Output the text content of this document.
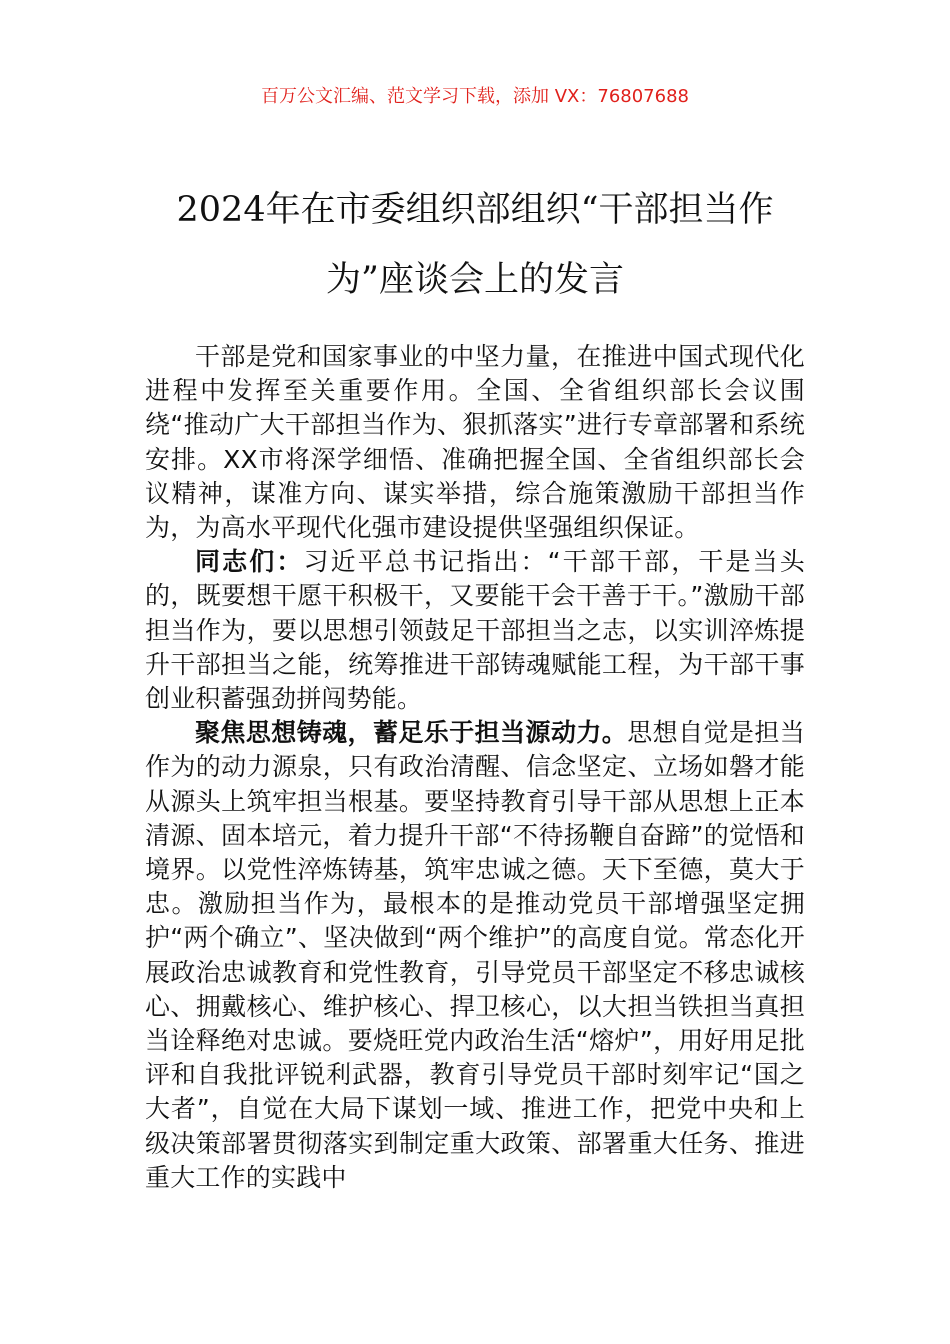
百万公文汇编、范文学习下载，添加 VX：76807688
2024年在市委组织部组织“干部担当作为”座谈会上的发言

干部是党和国家事业的中坚力量，在推进中国式现代化进程中发挥至关重要作用。全国、全省组织部长会议围绕“推动广大干部担当作为、狠抓落实”进行专章部署和系统安排。XX市将深学细悟、准确把握全国、全省组织部长会议精神，谋准方向、谋实举措，综合施策激励干部担当作为，为高水平现代化强市建设提供坚强组织保证。

同志们：习近平总书记指出：“干部干部，干是当头的，既要想干愿干积极干，又要能干会干善于干。”激励干部担当作为，要以思想引领鼓足干部担当之志，以实训淬炼提升干部担当之能，统筹推进干部铸魂赋能工程，为干部干事创业积蓄强劲拼闯势能。

聚焦思想铸魂，蓄足乐于担当源动力。思想自觉是担当作为的动力源泉，只有政治清醒、信念坚定、立场如磐才能从源头上筑牢担当根基。要坚持教育引导干部从思想上正本清源、固本培元，着力提升干部“不待扬鞭自奋蹄”的觉悟和境界。以党性淬炼铸基，筑牢忠诚之德。天下至德，莫大于忠。激励担当作为，最根本的是推动党员干部增强坚定拥护“两个确立”、坚决做到“两个维护”的高度自觉。常态化开展政治忠诚教育和党性教育，引导党员干部坚定不移忠诚核心、拥戴核心、维护核心、捍卫核心，以大担当铁担当真担当诠释绝对忠诚。要烧旺党内政治生活“熔炉”，用好用足批评和自我批评锐利武器，教育引导党员干部时刻牢记“国之大者”，自觉在大局下谋划一域、推进工作，把党中央和上级决策部署贯彻落实到制定重大政策、部署重大任务、推进重大工作的实践中
